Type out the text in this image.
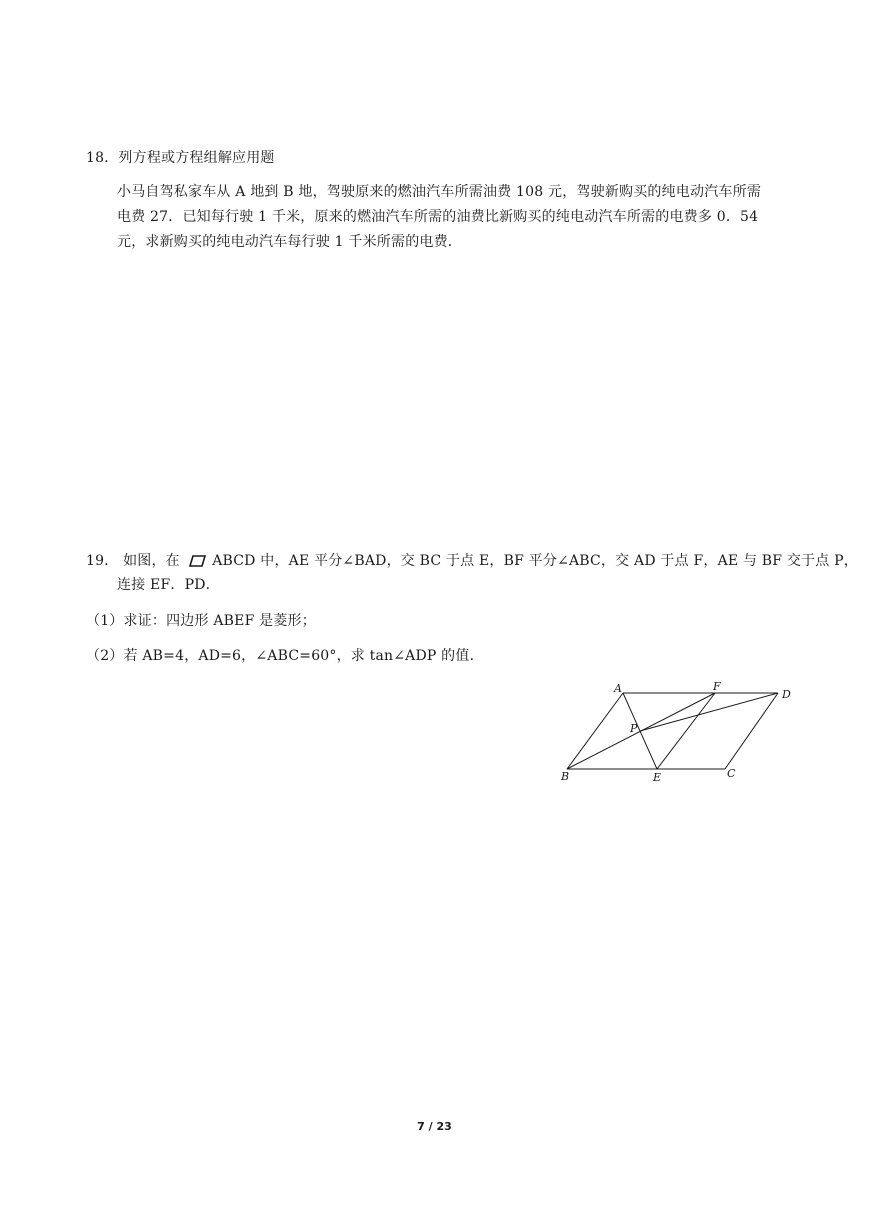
18．列方程或方程组解应用题
小马自驾私家车从 A 地到 B 地，驾驶原来的燃油汽车所需油费 108 元，驾驶新购买的纯电动汽车所需
电费 27．已知每行驶 1 千米，原来的燃油汽车所需的油费比新购买的纯电动汽车所需的电费多 0．54
元，求新购买的纯电动汽车每行驶 1 千米所需的电费．
19． 如图，在 ABCD 中，AE 平分∠BAD，交 BC 于点 E，BF 平分∠ABC，交 AD 于点 F，AE 与 BF 交于点 P，
连接 EF．PD．
（1）求证：四边形 ABEF 是菱形；
（2）若 AB=4，AD=6，∠ABC=60°，求 tan∠ADP 的值．
A	F
D
P
B	E	C
7 / 23
